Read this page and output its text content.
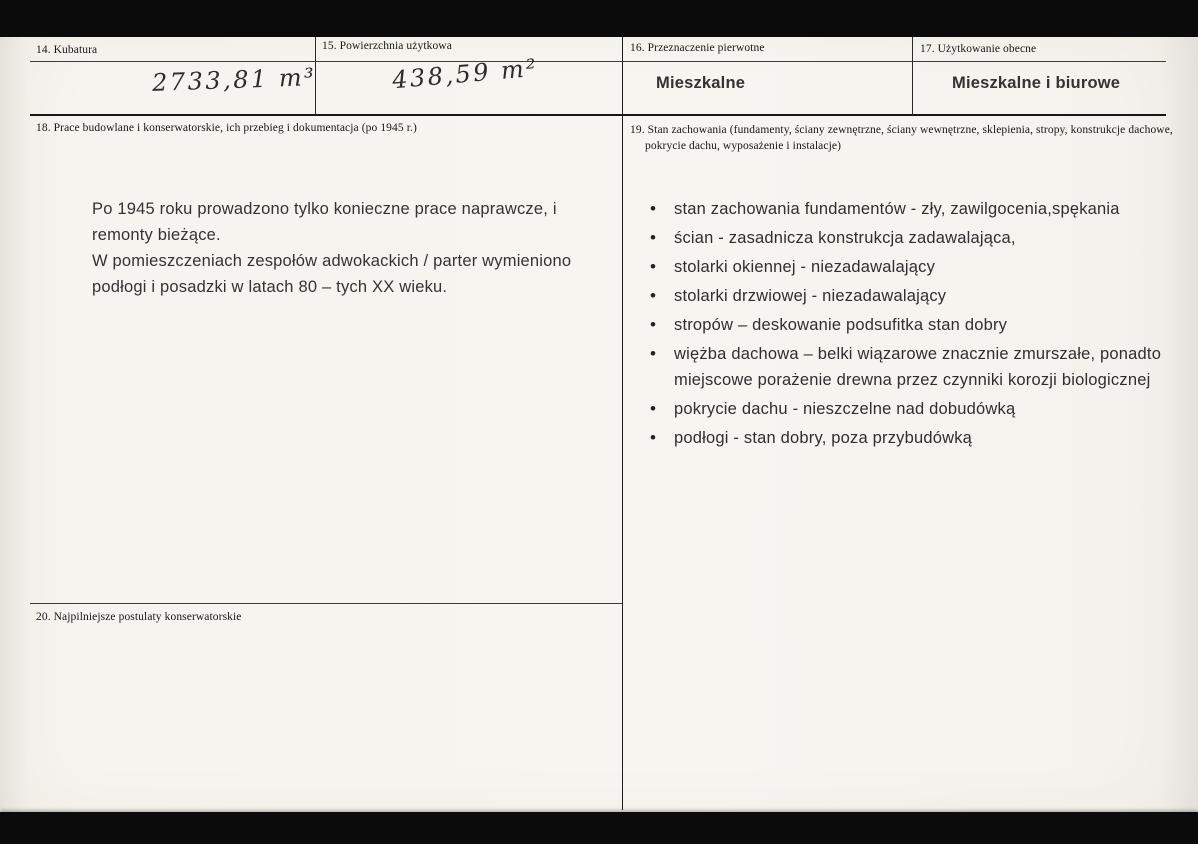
14. Kubatura	15. Powierzchnia użytkowa	16. Przeznaczenie pierwotne	17. Użytkowanie obecne
2733,81 m³	438,59 m²	Mieszkalne	Mieszkalne i biurowe
18. Prace budowlane i konserwatorskie, ich przebieg i dokumentacja (po 1945 r.)

Po 1945 roku prowadzono tylko konieczne prace naprawcze, i remonty bieżące.

W pomieszczeniach zespołów adwokackich / parter wymieniono podłogi i posadzki w latach 80 – tych XX wieku.

19. Stan zachowania (fundamenty, ściany zewnętrzne, ściany wewnętrzne, sklepienia, stropy, konstrukcje dachowe, pokrycie dachu, wyposażenie i instalacje)
•	stan zachowania fundamentów - zły, zawilgocenia,spękania
•	ścian - zasadnicza konstrukcja zadawalająca,
•	stolarki okiennej - niezadawalający
•	stolarki drzwiowej - niezadawalający
•	stropów – deskowanie podsufitka stan dobry
•	więżba dachowa – belki wiązarowe znacznie zmurszałe, ponadto miejscowe porażenie drewna przez czynniki korozji biologicznej
•	pokrycie dachu - nieszczelne nad dobudówką
•	podłogi - stan dobry, poza przybudówką
20. Najpilniejsze postulaty konserwatorskie
